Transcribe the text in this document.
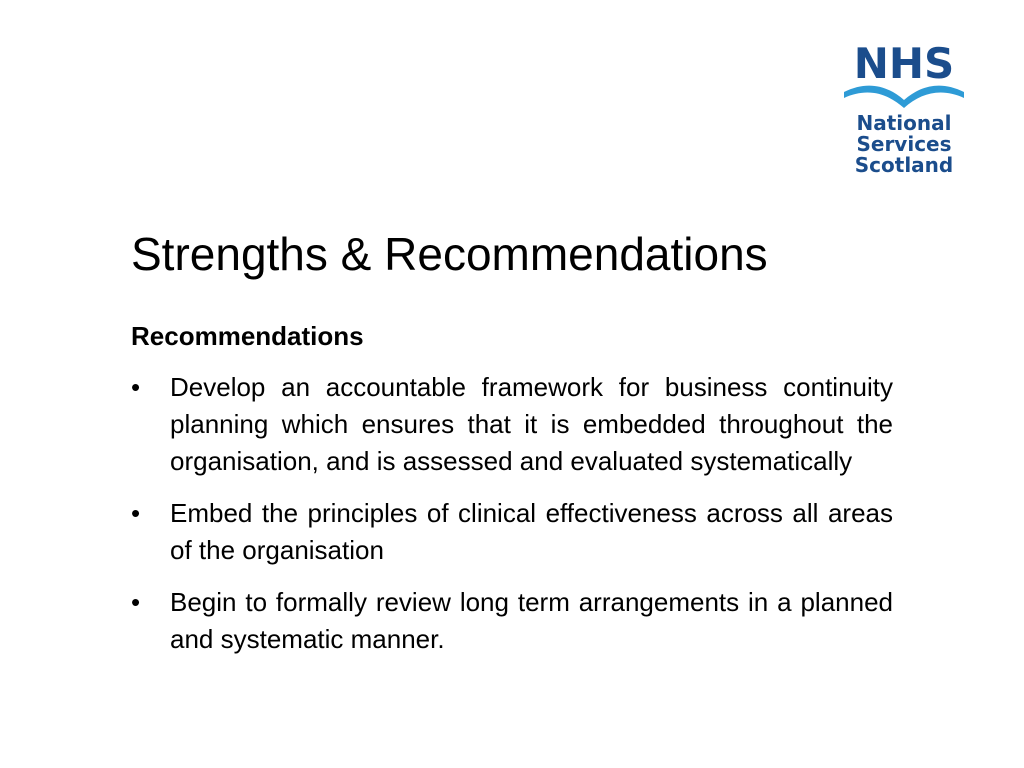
NHS
National
Services
Scotland
Strengths & Recommendations
Recommendations
• Develop an accountable framework for business continuity planning which ensures that it is embedded throughout the organisation, and is assessed and evaluated systematically
• Embed the principles of clinical effectiveness across all areas of the organisation
• Begin to formally review long term arrangements in a planned and systematic manner.
